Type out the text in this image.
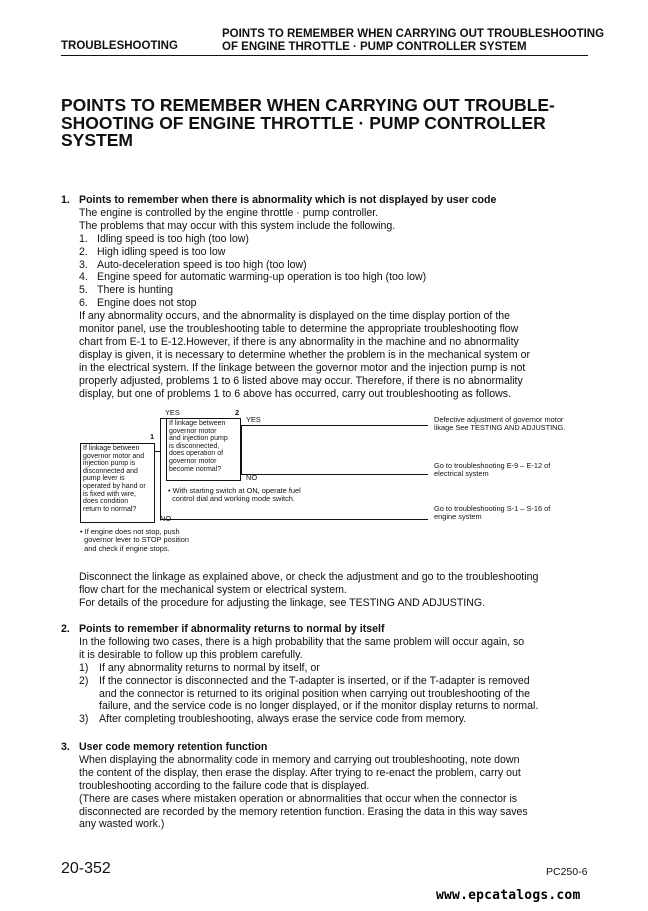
TROUBLESHOOTING
POINTS TO REMEMBER WHEN CARRYING OUT TROUBLESHOOTING
OF ENGINE THROTTLE · PUMP CONTROLLER SYSTEM
POINTS TO REMEMBER WHEN CARRYING OUT TROUBLE-
SHOOTING OF ENGINE THROTTLE · PUMP CONTROLLER
SYSTEM
1. Points to remember when there is abnormality which is not displayed by user code
The engine is controlled by the engine throttle · pump controller.
The problems that may occur with this system include the following.
1. Idling speed is too high (too low)
2. High idling speed is too low
3. Auto-deceleration speed is too high (too low)
4. Engine speed for automatic warming-up operation is too high (too low)
5. There is hunting
6. Engine does not stop
If any abnormality occurs, and the abnormality is displayed on the time display portion of the
monitor panel, use the troubleshooting table to determine the appropriate troubleshooting flow
chart from E-1 to E-12.However, if there is any abnormality in the machine and no abnormality
display is given, it is necessary to determine whether the problem is in the mechanical system or
in the electrical system. If the linkage between the governor motor and the injection pump is not
properly adjusted, problems 1 to 6 listed above may occur. Therefore, if there is no abnormality
display, but one of problems 1 to 6 above has occurred, carry out troubleshooting as follows.
YES	2
If linkage between
governor motor
and injection pump
is disconnected,
does operation of
governor motor
become normal?
1
If linkage between
governor motor and
injection pump is
disconnected and
pump lever is
operated by hand or
is fixed with wire,
does condition
return to normal?
YES
NO
NO
• With starting switch at ON, operate fuel
control dial and working mode switch.
• If engine does not stop, push
governor lever to STOP position
and check if engine stops.
Defective adjustment of governor motor
likage See TESTING AND ADJUSTING.
Go to troubleshooting E-9 – E-12 of
electrical system
Go to troubleshooting S-1 – S-16 of
engine system
Disconnect the linkage as explained above, or check the adjustment and go to the troubleshooting
flow chart for the mechanical system or electrical system.
For details of the procedure for adjusting the linkage, see TESTING AND ADJUSTING.
2. Points to remember if abnormality returns to normal by itself
In the following two cases, there is a high probability that the same problem will occur again, so
it is desirable to follow up this problem carefully.
1) If any abnormality returns to normal by itself, or
2) If the connector is disconnected and the T-adapter is inserted, or if the T-adapter is removed
and the connector is returned to its original position when carrying out troubleshooting of the
failure, and the service code is no longer displayed, or if the monitor display returns to normal.
3) After completing troubleshooting, always erase the service code from memory.
3. User code memory retention function
When displaying the abnormality code in memory and carrying out troubleshooting, note down
the content of the display, then erase the display. After trying to re-enact the problem, carry out
troubleshooting according to the failure code that is displayed.
(There are cases where mistaken operation or abnormalities that occur when the connector is
disconnected are recorded by the memory retention function. Erasing the data in this way saves
any wasted work.)
20-352	PC250-6
www.epcatalogs.com
